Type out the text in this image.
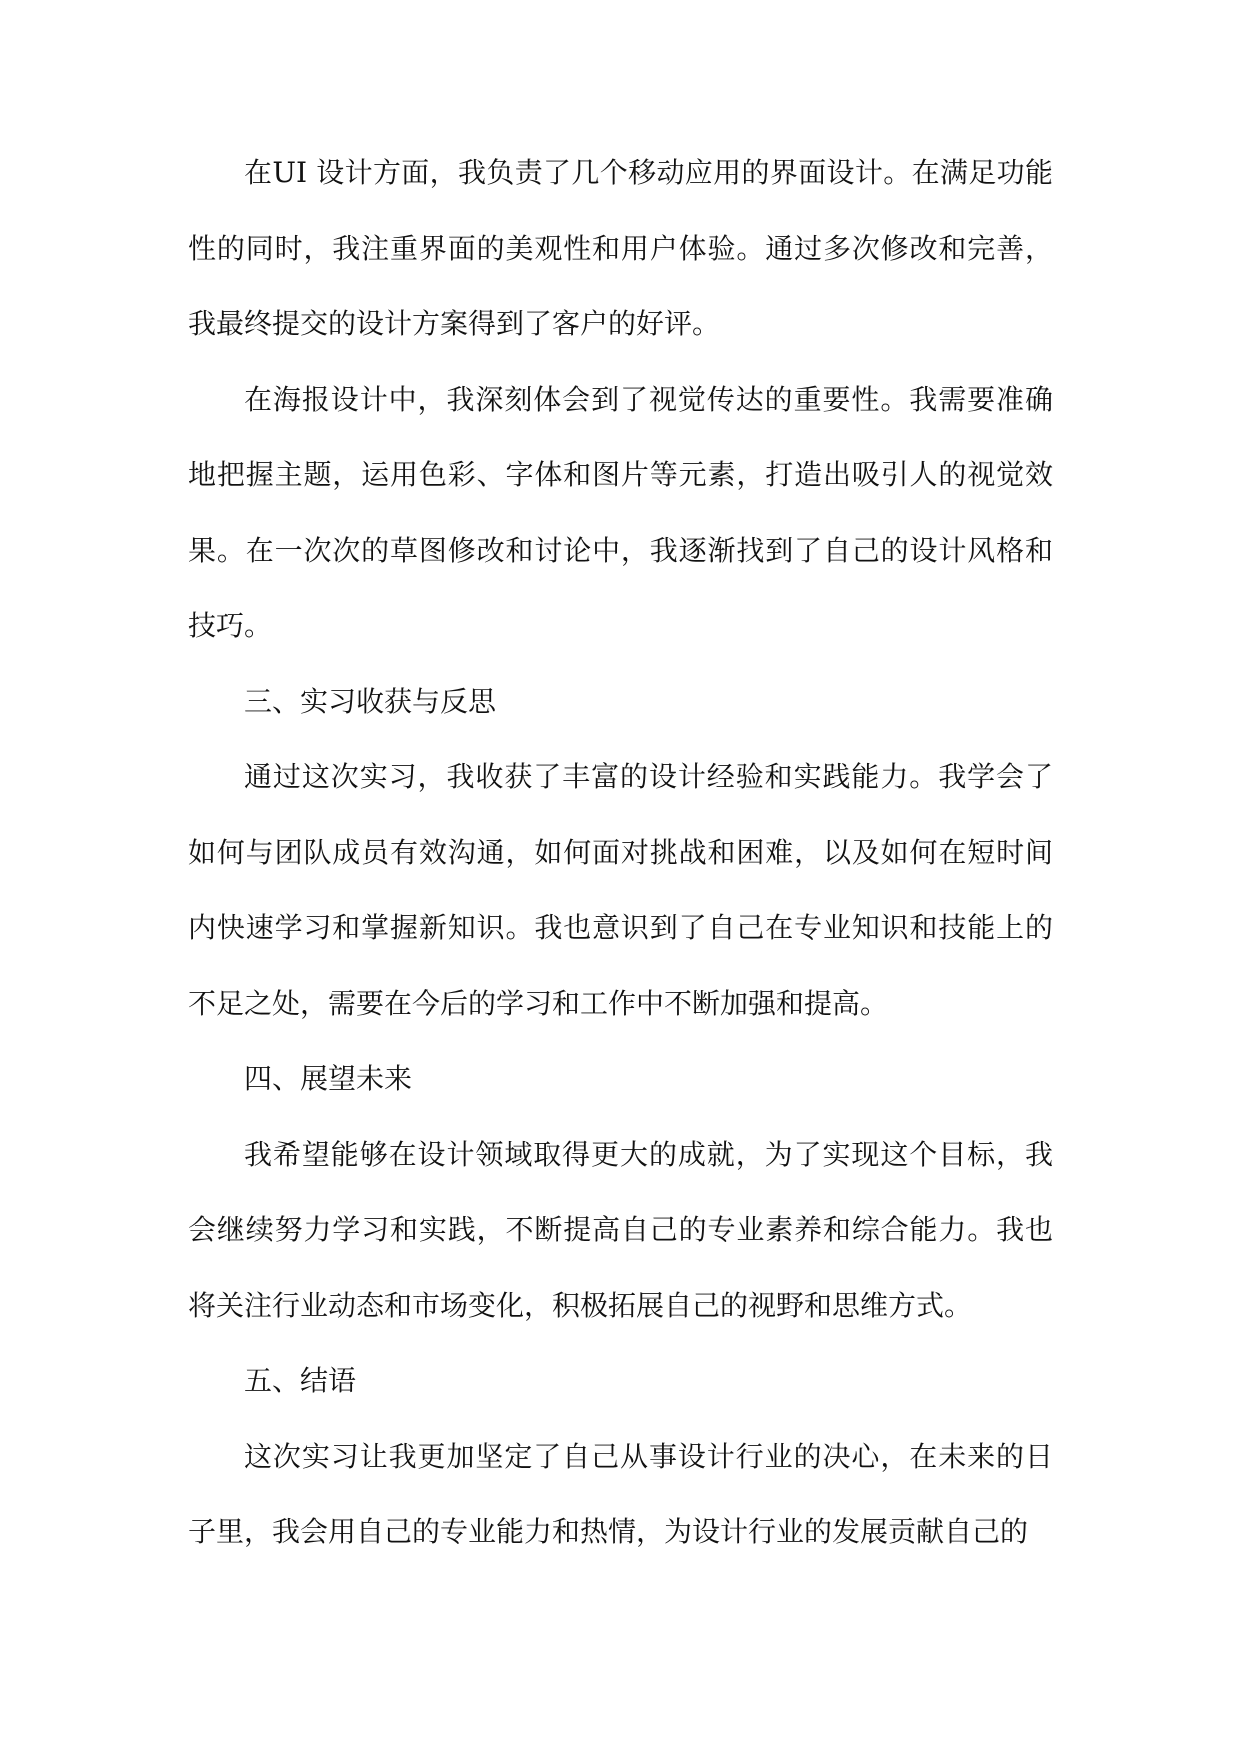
在UI 设计方面，我负责了几个移动应用的界面设计。在满足功能性的同时，我注重界面的美观性和用户体验。通过多次修改和完善，我最终提交的设计方案得到了客户的好评。

在海报设计中，我深刻体会到了视觉传达的重要性。我需要准确地把握主题，运用色彩、字体和图片等元素，打造出吸引人的视觉效果。在一次次的草图修改和讨论中，我逐渐找到了自己的设计风格和技巧。

三、实习收获与反思

通过这次实习，我收获了丰富的设计经验和实践能力。我学会了如何与团队成员有效沟通，如何面对挑战和困难，以及如何在短时间内快速学习和掌握新知识。我也意识到了自己在专业知识和技能上的不足之处，需要在今后的学习和工作中不断加强和提高。

四、展望未来

我希望能够在设计领域取得更大的成就，为了实现这个目标，我会继续努力学习和实践，不断提高自己的专业素养和综合能力。我也将关注行业动态和市场变化，积极拓展自己的视野和思维方式。

五、结语

这次实习让我更加坚定了自己从事设计行业的决心，在未来的日子里，我会用自己的专业能力和热情，为设计行业的发展贡献自己的
